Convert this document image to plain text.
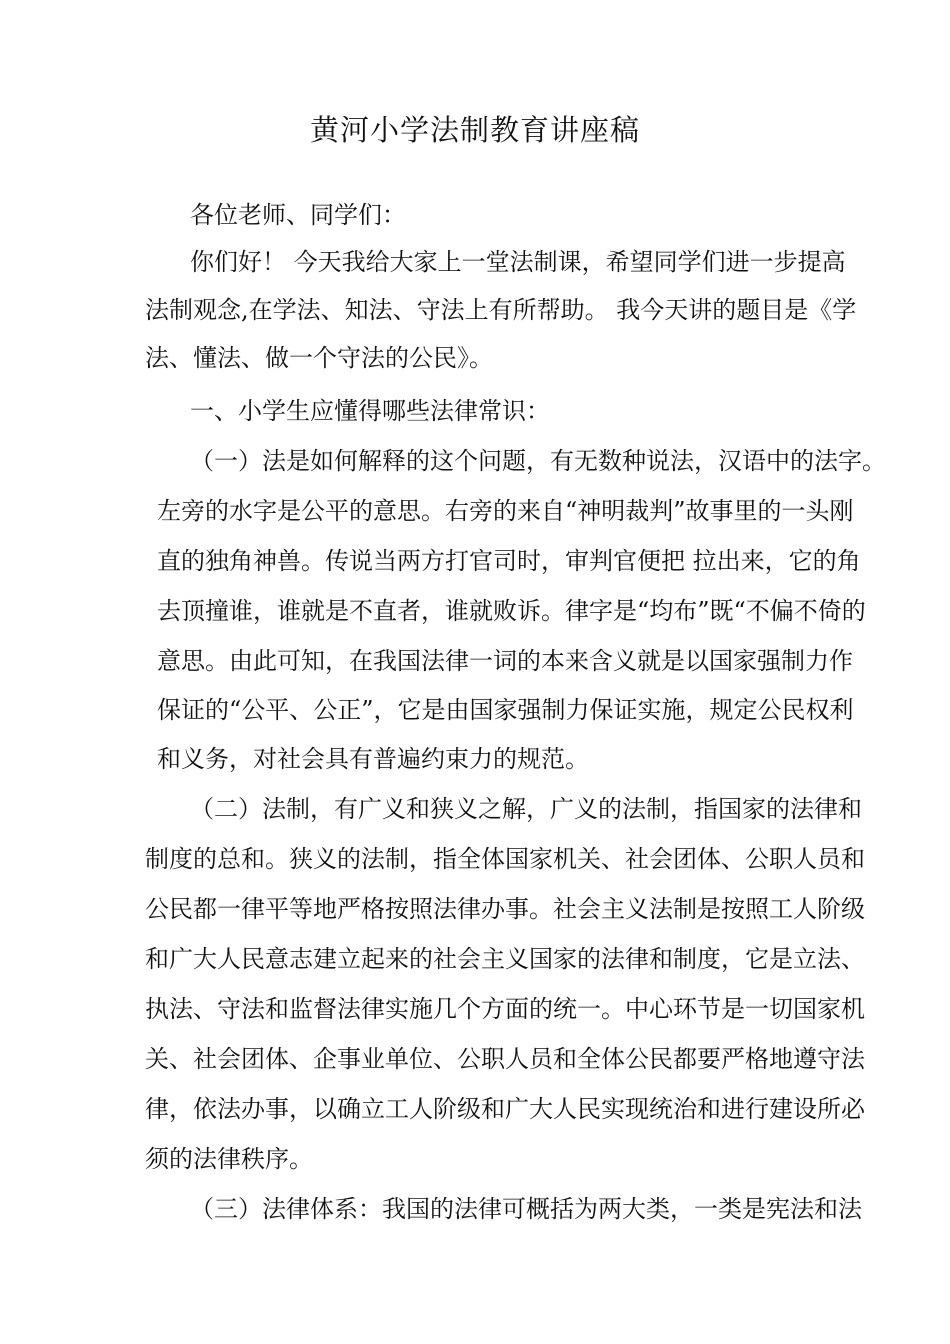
黄河小学法制教育讲座稿
各位老师、同学们：
你们好！ 今天我给大家上一堂法制课，希望同学们进一步提高
法制观念,在学法、知法、守法上有所帮助。 我今天讲的题目是《学
法、懂法、做一个守法的公民》。
一、小学生应懂得哪些法律常识：
（一）法是如何解释的这个问题，有无数种说法，汉语中的法字。
左旁的水字是公平的意思。右旁的来自“神明裁判”故事里的一头刚
直的独角神兽。传说当两方打官司时，审判官便把 拉出来，它的角
去顶撞谁，谁就是不直者，谁就败诉。律字是“均布”既“不偏不倚的
意思。由此可知，在我国法律一词的本来含义就是以国家强制力作
保证的“公平、公正”，它是由国家强制力保证实施，规定公民权利
和义务，对社会具有普遍约束力的规范。
（二）法制，有广义和狭义之解，广义的法制，指国家的法律和
制度的总和。狭义的法制，指全体国家机关、社会团体、公职人员和
公民都一律平等地严格按照法律办事。社会主义法制是按照工人阶级
和广大人民意志建立起来的社会主义国家的法律和制度，它是立法、
执法、守法和监督法律实施几个方面的统一。中心环节是一切国家机
关、社会团体、企事业单位、公职人员和全体公民都要严格地遵守法
律，依法办事，以确立工人阶级和广大人民实现统治和进行建设所必
须的法律秩序。
（三）法律体系：我国的法律可概括为两大类，一类是宪法和法
